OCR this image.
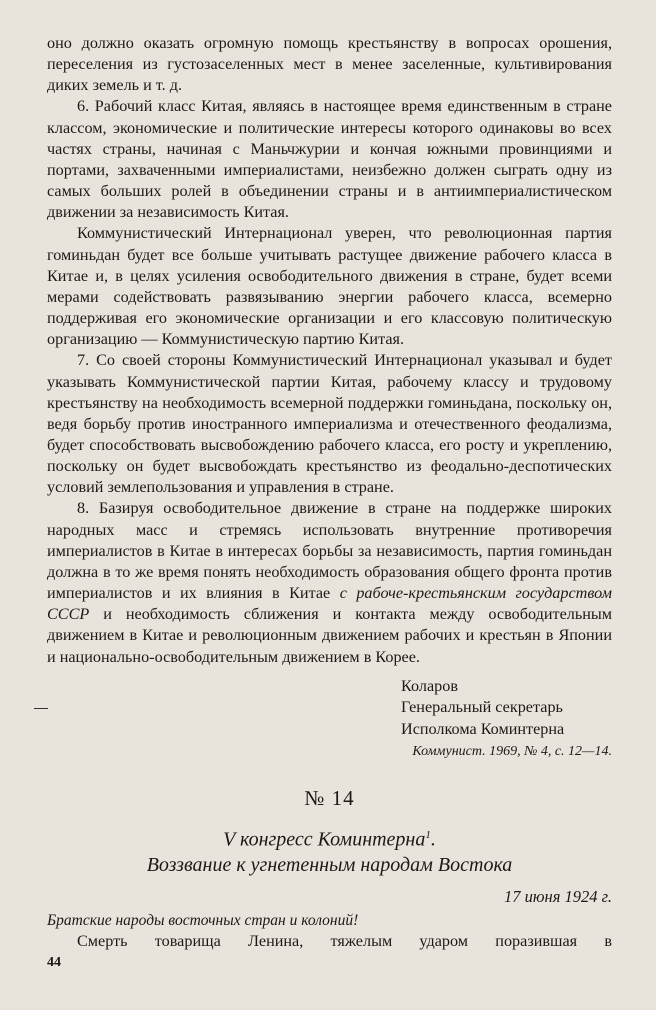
оно должно оказать огромную помощь крестьянству в вопросах орошения, переселения из густозаселенных мест в менее заселенные, культивирования диких земель и т. д.

6. Рабочий класс Китая, являясь в настоящее время единственным в стране классом, экономические и политические интересы которого одинаковы во всех частях страны, начиная с Маньчжурии и кончая южными провинциями и портами, захваченными империалистами, неизбежно должен сыграть одну из самых больших ролей в объединении страны и в антиимпериалистическом движении за независимость Китая.

Коммунистический Интернационал уверен, что революционная партия гоминьдан будет все больше учитывать растущее движение рабочего класса в Китае и, в целях усиления освободительного движения в стране, будет всеми мерами содействовать развязыванию энергии рабочего класса, всемерно поддерживая его экономические организации и его классовую политическую организацию — Коммунистическую партию Китая.

7. Со своей стороны Коммунистический Интернационал указывал и будет указывать Коммунистической партии Китая, рабочему классу и трудовому крестьянству на необходимость всемерной поддержки гоминьдана, поскольку он, ведя борьбу против иностранного империализма и отечественного феодализма, будет способствовать высвобождению рабочего класса, его росту и укреплению, поскольку он будет высвобождать крестьянство из феодально-деспотических условий землепользования и управления в стране.

8. Базируя освободительное движение в стране на поддержке широких народных масс и стремясь использовать внутренние противоречия империалистов в Китае в интересах борьбы за независимость, партия гоминьдан должна в то же время понять необходимость образования общего фронта против империалистов и их влияния в Китае с рабоче-крестьянским государством СССР и необходимость сближения и контакта между освободительным движением в Китае и революционным движением рабочих и крестьян в Японии и национально-освободительным движением в Корее.

Коларов
Генеральный секретарь
Исполкома Коминтерна
Коммунист. 1969, № 4, с. 12—14.
№ 14
V конгресс Коминтерна$^1$.
Воззвание к угнетенным народам Востока
17 июня 1924 г.
Братские народы восточных стран и колоний!

Смерть товарища Ленина, тяжелым ударом поразившая в

44
